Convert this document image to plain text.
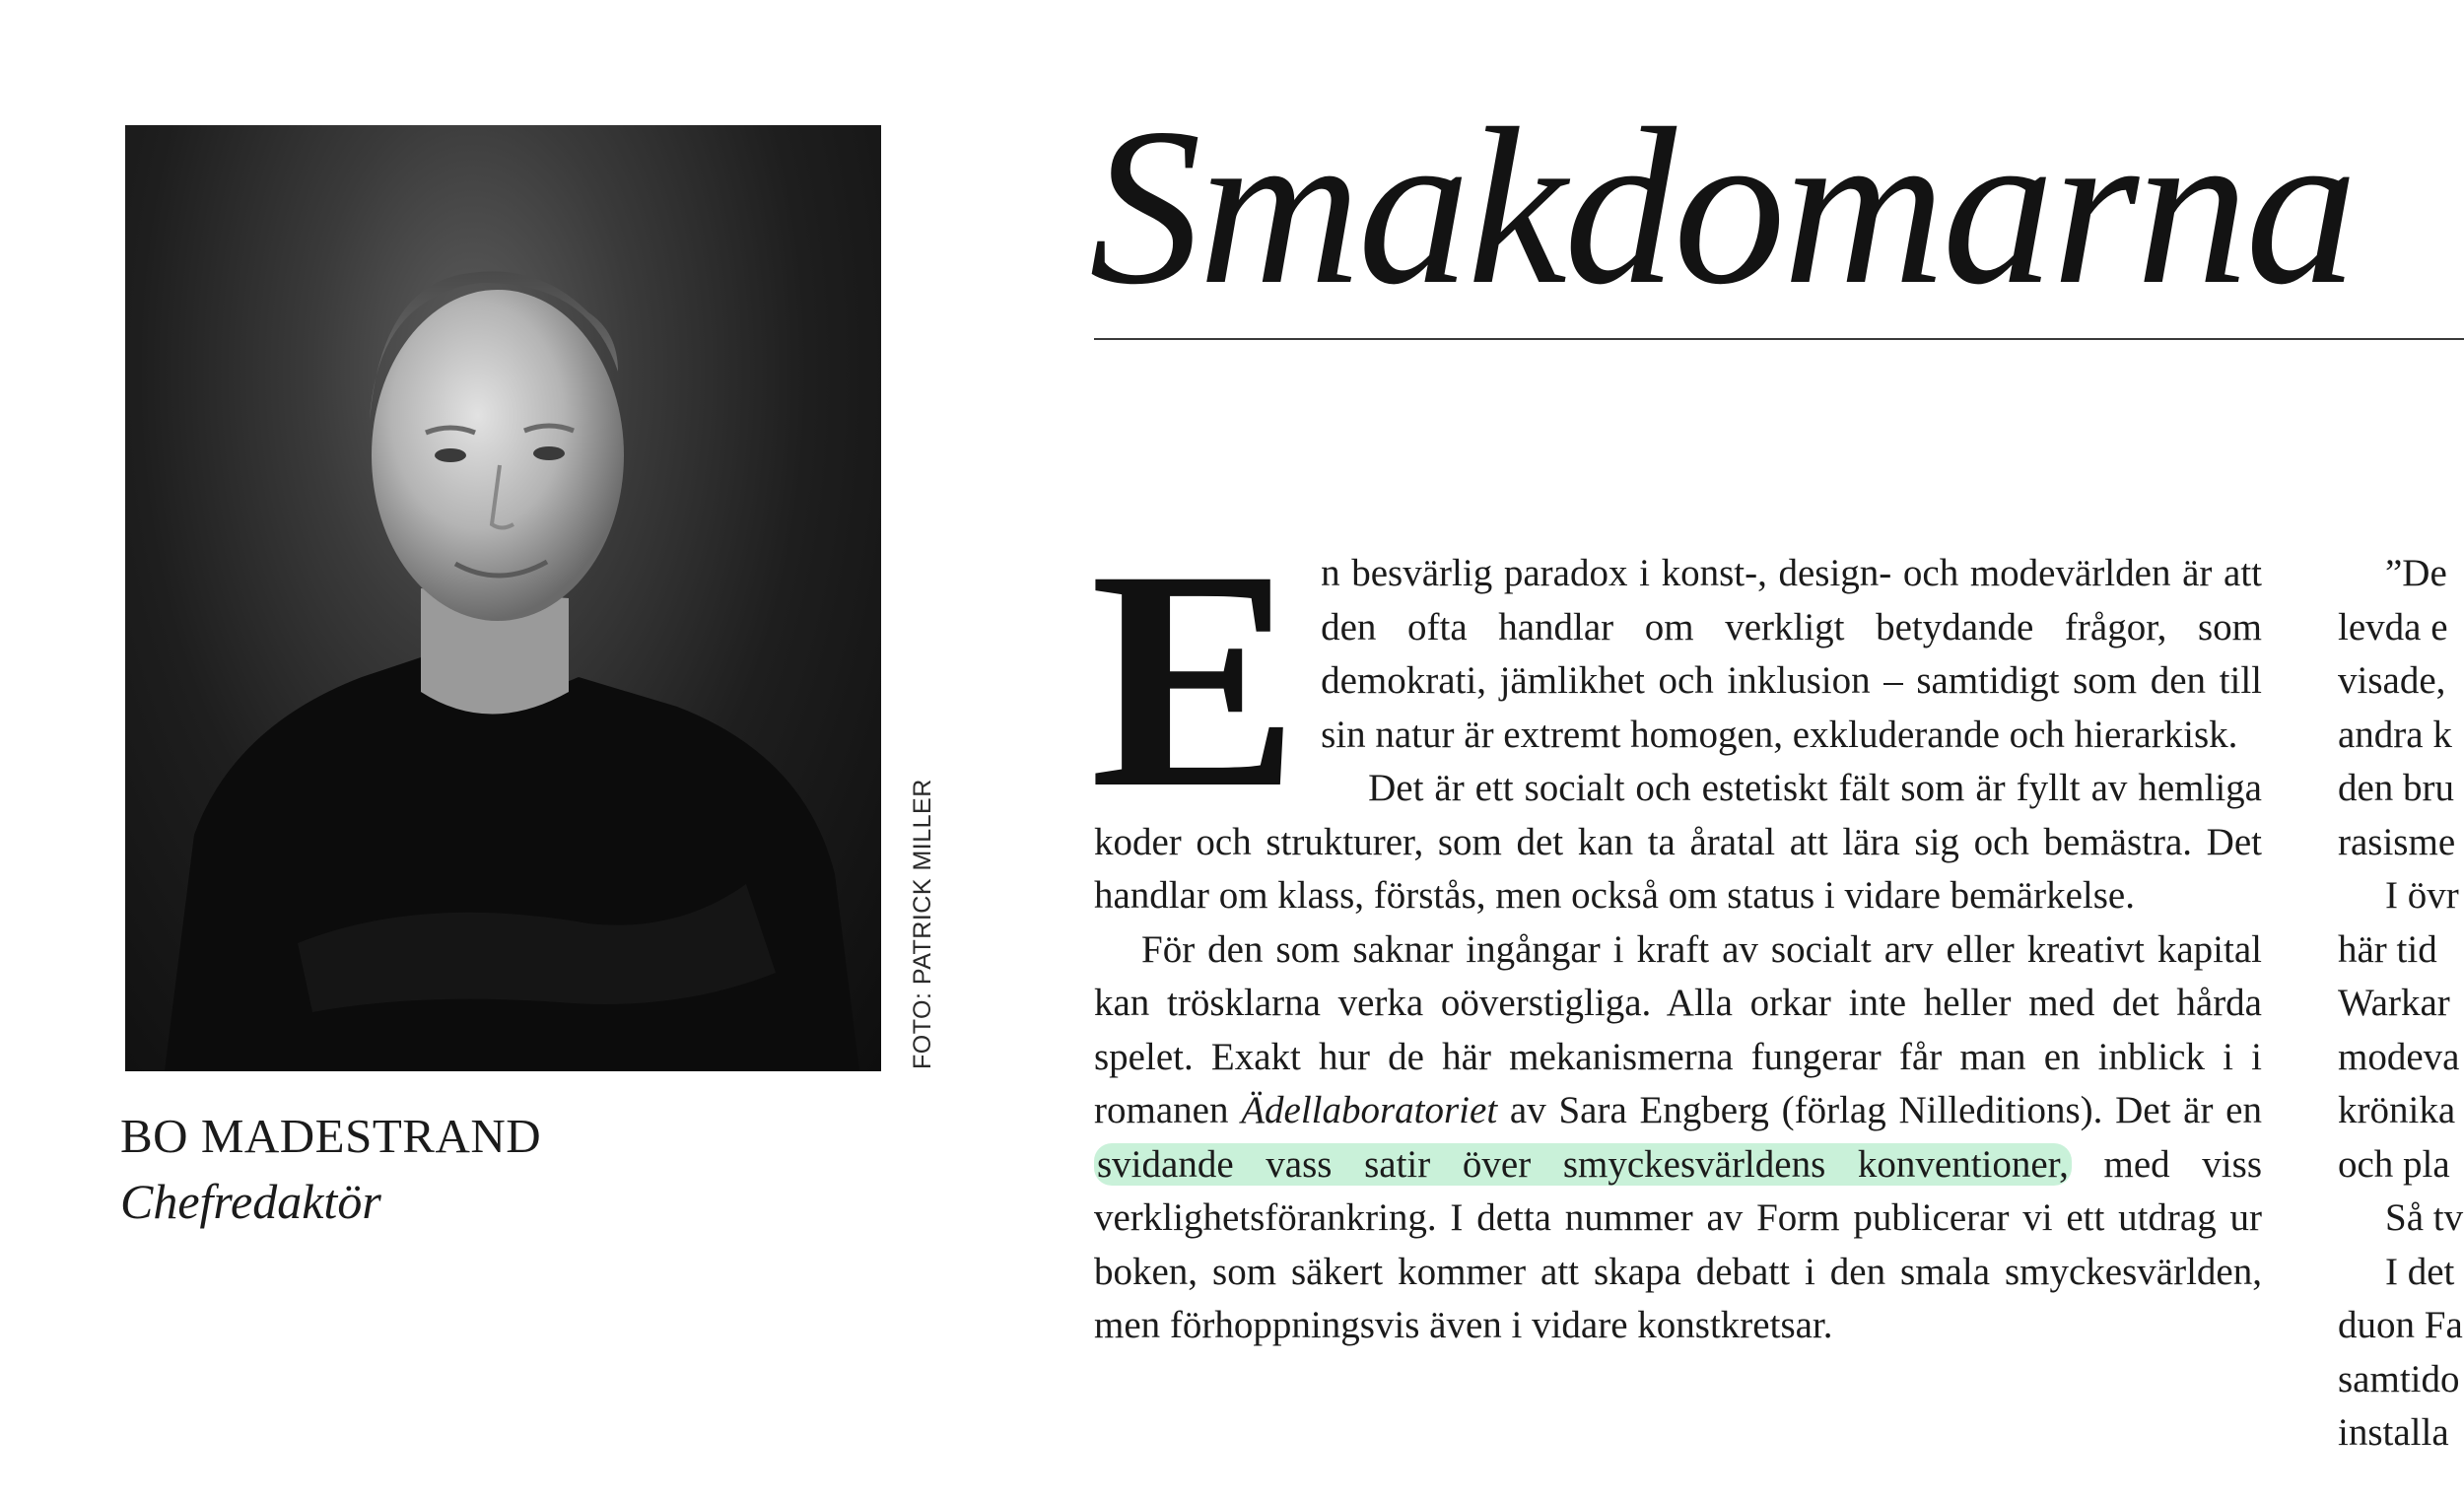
FOTO: PATRICK MILLER
BO MADESTRAND
Chefredaktör
Smakdomarna

En besvärlig paradox i konst-, design- och modevärlden är att den ofta handlar om verkligt betydande frågor, som demokrati, jämlikhet och inklusion – samtidigt som den till sin natur är extremt homogen, exkluderande och hierarkisk.

Det är ett socialt och estetiskt fält som är fyllt av hemliga koder och strukturer, som det kan ta åratal att lära sig och bemästra. Det handlar om klass, förstås, men också om status i vidare bemärkelse.

För den som saknar ingångar i kraft av socialt arv eller kreativt kapital kan trösklarna verka oöverstigliga. Alla orkar inte heller med det hårda spelet. Exakt hur de här mekanismerna fungerar får man en inblick i i romanen Ädellaboratoriet av Sara Engberg (förlag Nilleditions). Det är en svidande vass satir över smyckesvärldens konventioner, med viss verklighetsförankring. I detta nummer av Form publicerar vi ett utdrag ur boken, som säkert kommer att skapa debatt i den smala smyckesvärlden, men förhoppningsvis även i vidare konstkretsar.

”De
levda e
visade,
andra k
den bru
rasisme
I övr
här tid
Warkar
modeva
krönika
och pla
Så tv
I det
duon Fa
samtido
installa
